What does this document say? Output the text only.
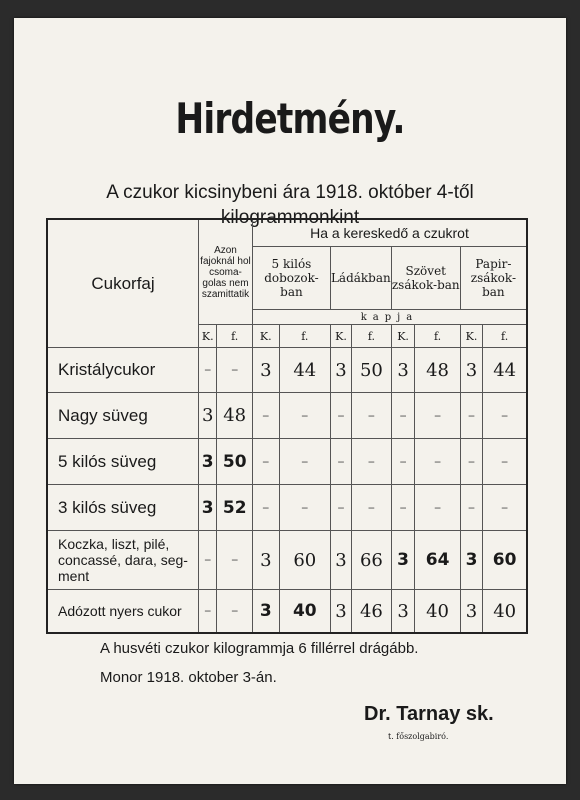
Hirdetmény.
A czukor kicsinybeni ára 1918. október 4-től
kilogrammonkint
Cukorfaj	Azon fajoknál hol csoma-golas nem szamittatik		Ha a kereskedő a czukrot							
			5 kilós dobozok-ban		Ládákban		Szövet zsákok-ban		Papir-zsákok-ban	
			kapja							
	K.	f.	K.	f.	K.	f.	K.	f.	K.	f.
Kristálycukor	–	–	3	44	3	50	3	48	3	44
Nagy süveg	3	48	–	–	–	–	–	–	–	–
5 kilós süveg	3	50	–	–	–	–	–	–	–	–
3 kilós süveg	3	52	–	–	–	–	–	–	–	–
Koczka, liszt, pilé, concassé, dara, seg-ment	–	–	3	60	3	66	3	64	3	60
Adózott nyers cukor	–	–	3	40	3	46	3	40	3	40
A husvéti czukor kilogrammja 6 fillérrel drágább.
Monor 1918. oktober 3-án.
Dr. Tarnay sk.
t. főszolgabiró.
